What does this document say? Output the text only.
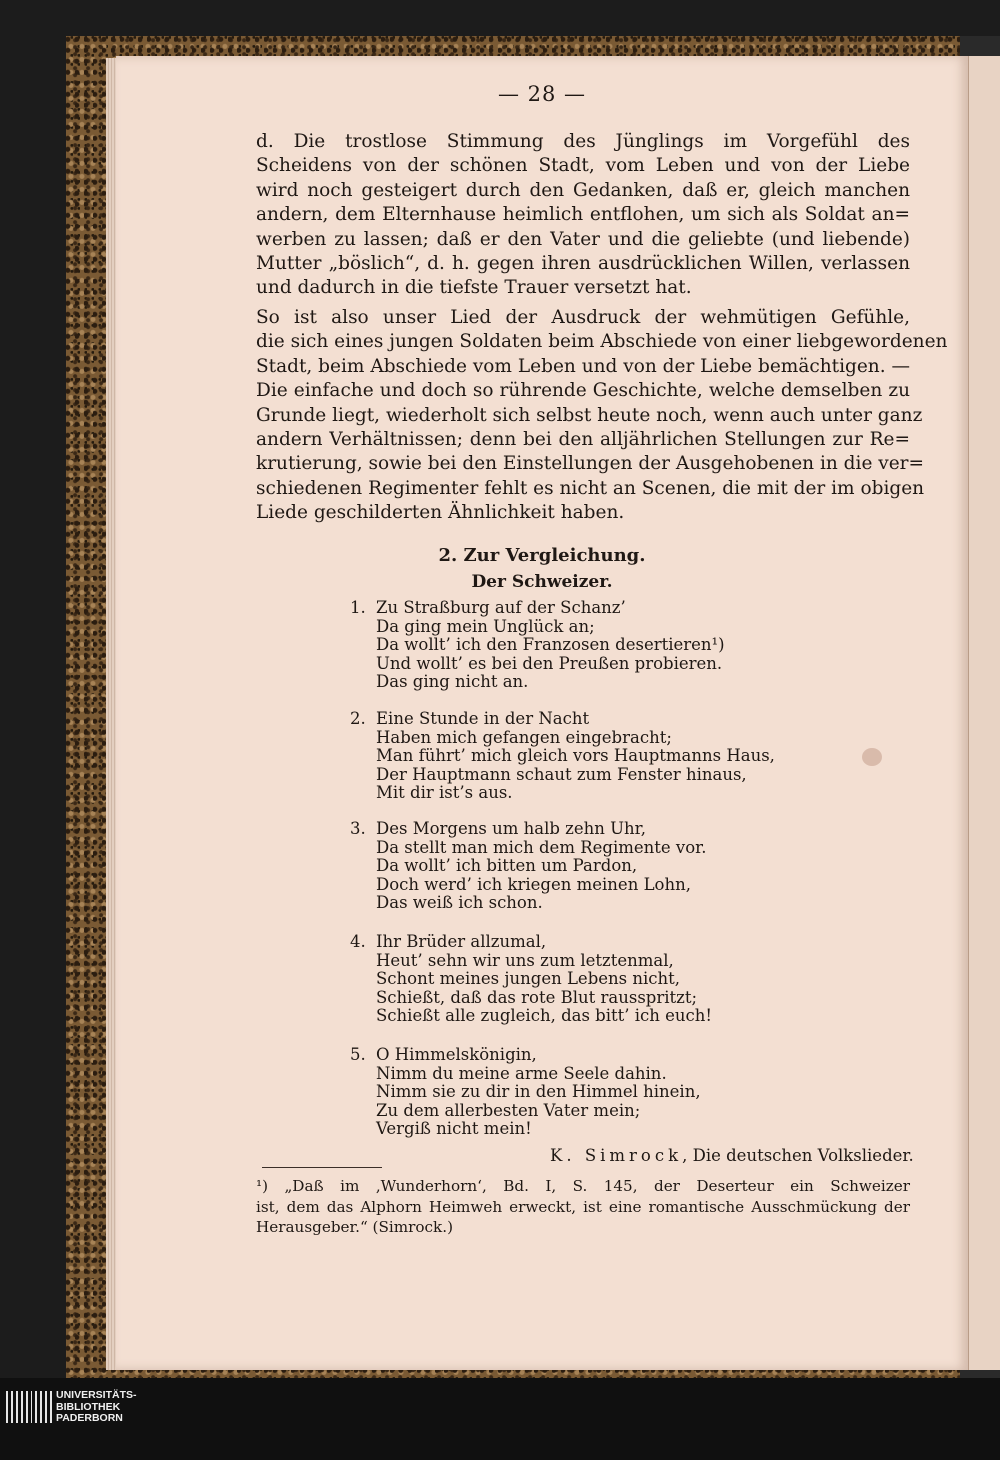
— 28 —
d. Die trostlose Stimmung des Jünglings im Vorgefühl des
Scheidens von der schönen Stadt, vom Leben und von der Liebe
wird noch gesteigert durch den Gedanken, daß er, gleich manchen
andern, dem Elternhause heimlich entflohen, um sich als Soldat an=
werben zu lassen; daß er den Vater und die geliebte (und liebende)
Mutter „böslich“, d. h. gegen ihren ausdrücklichen Willen, verlassen
und dadurch in die tiefste Trauer versetzt hat.
So ist also unser Lied der Ausdruck der wehmütigen Gefühle,
die sich eines jungen Soldaten beim Abschiede von einer liebgewordenen
Stadt, beim Abschiede vom Leben und von der Liebe bemächtigen. —
Die einfache und doch so rührende Geschichte, welche demselben zu
Grunde liegt, wiederholt sich selbst heute noch, wenn auch unter ganz
andern Verhältnissen; denn bei den alljährlichen Stellungen zur Re=
krutierung, sowie bei den Einstellungen der Ausgehobenen in die ver=
schiedenen Regimenter fehlt es nicht an Scenen, die mit der im obigen
Liede geschilderten Ähnlichkeit haben.
2. Zur Vergleichung.
Der Schweizer.
1. Zu Straßburg auf der Schanz’
Da ging mein Unglück an;
Da wollt’ ich den Franzosen desertieren¹)
Und wollt’ es bei den Preußen probieren.
Das ging nicht an.
2. Eine Stunde in der Nacht
Haben mich gefangen eingebracht;
Man führt’ mich gleich vors Hauptmanns Haus,
Der Hauptmann schaut zum Fenster hinaus,
Mit dir ist’s aus.
3. Des Morgens um halb zehn Uhr,
Da stellt man mich dem Regimente vor.
Da wollt’ ich bitten um Pardon,
Doch werd’ ich kriegen meinen Lohn,
Das weiß ich schon.
4. Ihr Brüder allzumal,
Heut’ sehn wir uns zum letztenmal,
Schont meines jungen Lebens nicht,
Schießt, daß das rote Blut rausspritzt;
Schießt alle zugleich, das bitt’ ich euch!
5. O Himmelskönigin,
Nimm du meine arme Seele dahin.
Nimm sie zu dir in den Himmel hinein,
Zu dem allerbesten Vater mein;
Vergiß nicht mein!
K. Simrock, Die deutschen Volkslieder.
¹) „Daß im ‚Wunderhorn‘, Bd. I, S. 145, der Deserteur ein Schweizer
ist, dem das Alphorn Heimweh erweckt, ist eine romantische Ausschmückung der
Herausgeber.“ (Simrock.)
UNIVERSITÄTS-
BIBLIOTHEK
PADERBORN
